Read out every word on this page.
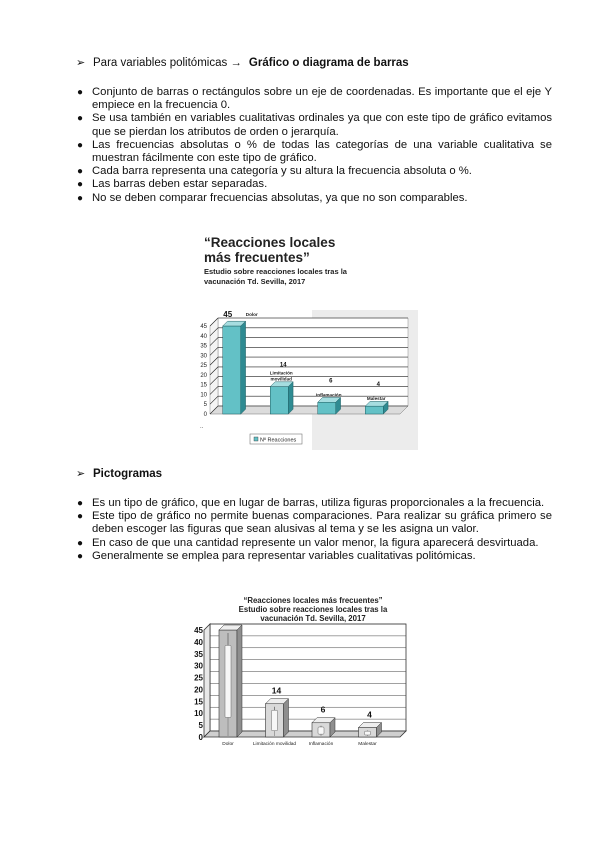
➢ Para variables politómicas → Gráfico o diagrama de barras
● Conjunto de barras o rectángulos sobre un eje de coordenadas. Es importante que el eje Y empiece en la frecuencia 0.
● Se usa también en variables cualitativas ordinales ya que con este tipo de gráfico evitamos que se pierdan los atributos de orden o jerarquía.
● Las frecuencias absolutas o % de todas las categorías de una variable cualitativa se muestran fácilmente con este tipo de gráfico.
● Cada barra representa una categoría y su altura la frecuencia absoluta o %.
● Las barras deben estar separadas.
● No se deben comparar frecuencias absolutas, ya que no son comparables.
“Reacciones locales
más frecuentes”
Estudio sobre reacciones locales tras la
vacunación Td. Sevilla, 2017
0
5
10
15
20
25
30
35
40
45
45	Dolor
14
Limitación
movilidad	6
Inflamación
4
Malestar
..
Nº Reacciones
➢ Pictogramas
● Es un tipo de gráfico, que en lugar de barras, utiliza figuras proporcionales a la frecuencia.
● Este tipo de gráfico no permite buenas comparaciones. Para realizar su gráfica primero se deben escoger las figuras que sean alusivas al tema y se les asigna un valor.
● En caso de que una cantidad represente un valor menor, la figura aparecerá desvirtuada.
● Generalmente se emplea para representar variables cualitativas politómicas.
“Reacciones locales más frecuentes”
Estudio sobre reacciones locales tras la
vacunación Td. Sevilla, 2017
0
5
10
15
20
25
30
35
40
45
14
6	4
Dolor	Limitación movilidad	Inflamación	Malestar
